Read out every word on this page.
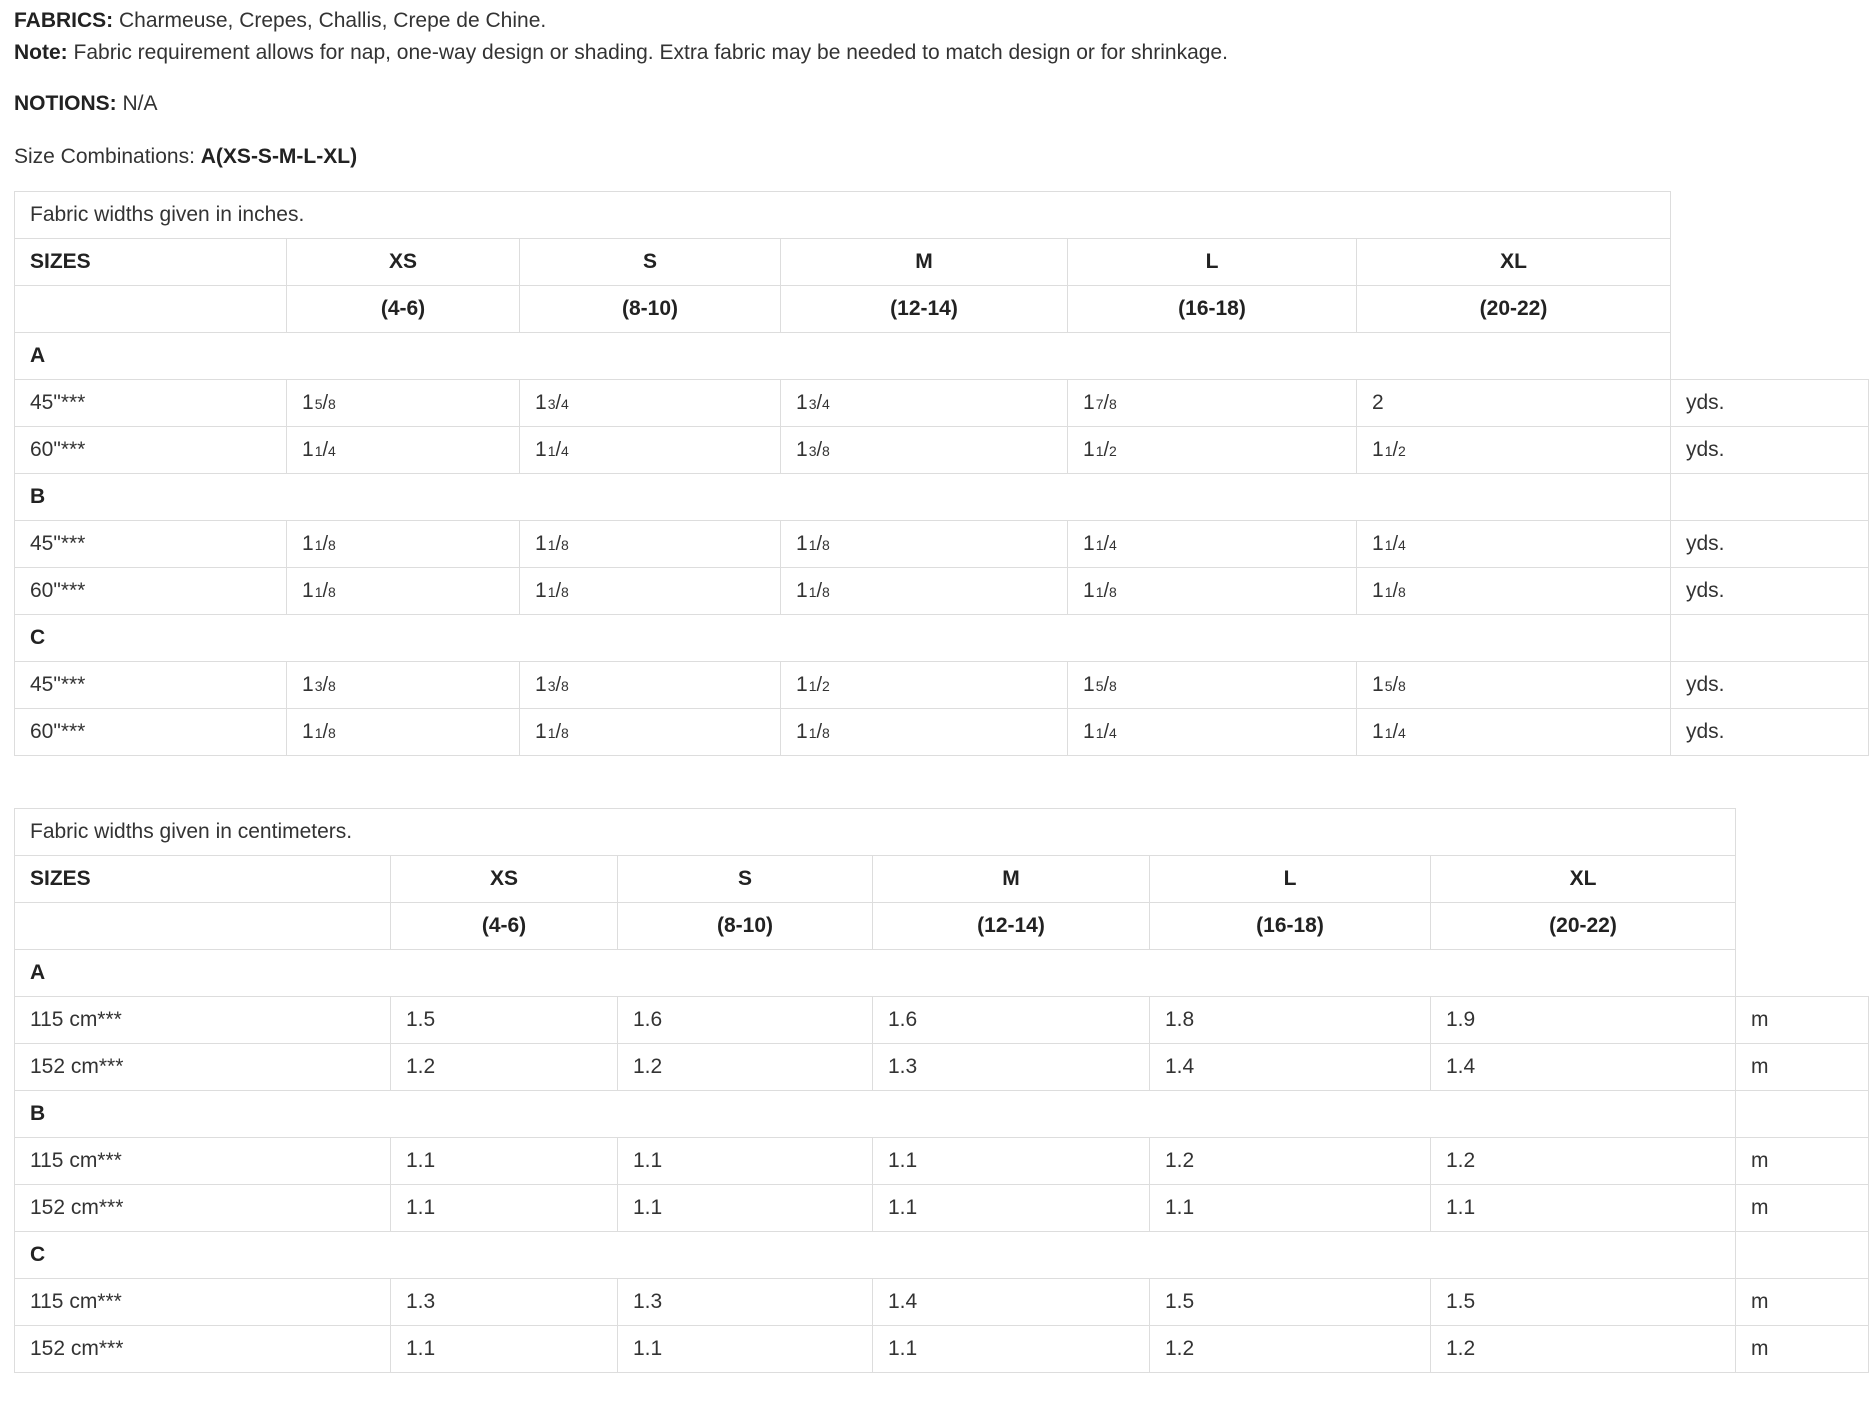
FABRICS: Charmeuse, Crepes, Challis, Crepe de Chine.
Note: Fabric requirement allows for nap, one-way design or shading. Extra fabric may be needed to match design or for shrinkage.
NOTIONS: N/A
Size Combinations: A(XS-S-M-L-XL)
Fabric widths given in inches.						
SIZES	XS	S	M	L	XL	
	(4-6)	(8-10)	(12-14)	(16-18)	(20-22)	
A						
45"***	1 5 / 8	1 3 / 4	1 3 / 4	1 7 / 8	2	yds.
60"***	1 1 / 4	1 1 / 4	1 3 / 8	1 1 / 2	1 1 / 2	yds.
B						
45"***	1 1 / 8	1 1 / 8	1 1 / 8	1 1 / 4	1 1 / 4	yds.
60"***	1 1 / 8	1 1 / 8	1 1 / 8	1 1 / 8	1 1 / 8	yds.
C						
45"***	1 3 / 8	1 3 / 8	1 1 / 2	1 5 / 8	1 5 / 8	yds.
60"***	1 1 / 8	1 1 / 8	1 1 / 8	1 1 / 4	1 1 / 4	yds.
Fabric widths given in centimeters.						
SIZES	XS	S	M	L	XL	
	(4-6)	(8-10)	(12-14)	(16-18)	(20-22)	
A						
115 cm***	1.5	1.6	1.6	1.8	1.9	m
152 cm***	1.2	1.2	1.3	1.4	1.4	m
B						
115 cm***	1.1	1.1	1.1	1.2	1.2	m
152 cm***	1.1	1.1	1.1	1.1	1.1	m
C						
115 cm***	1.3	1.3	1.4	1.5	1.5	m
152 cm***	1.1	1.1	1.1	1.2	1.2	m
